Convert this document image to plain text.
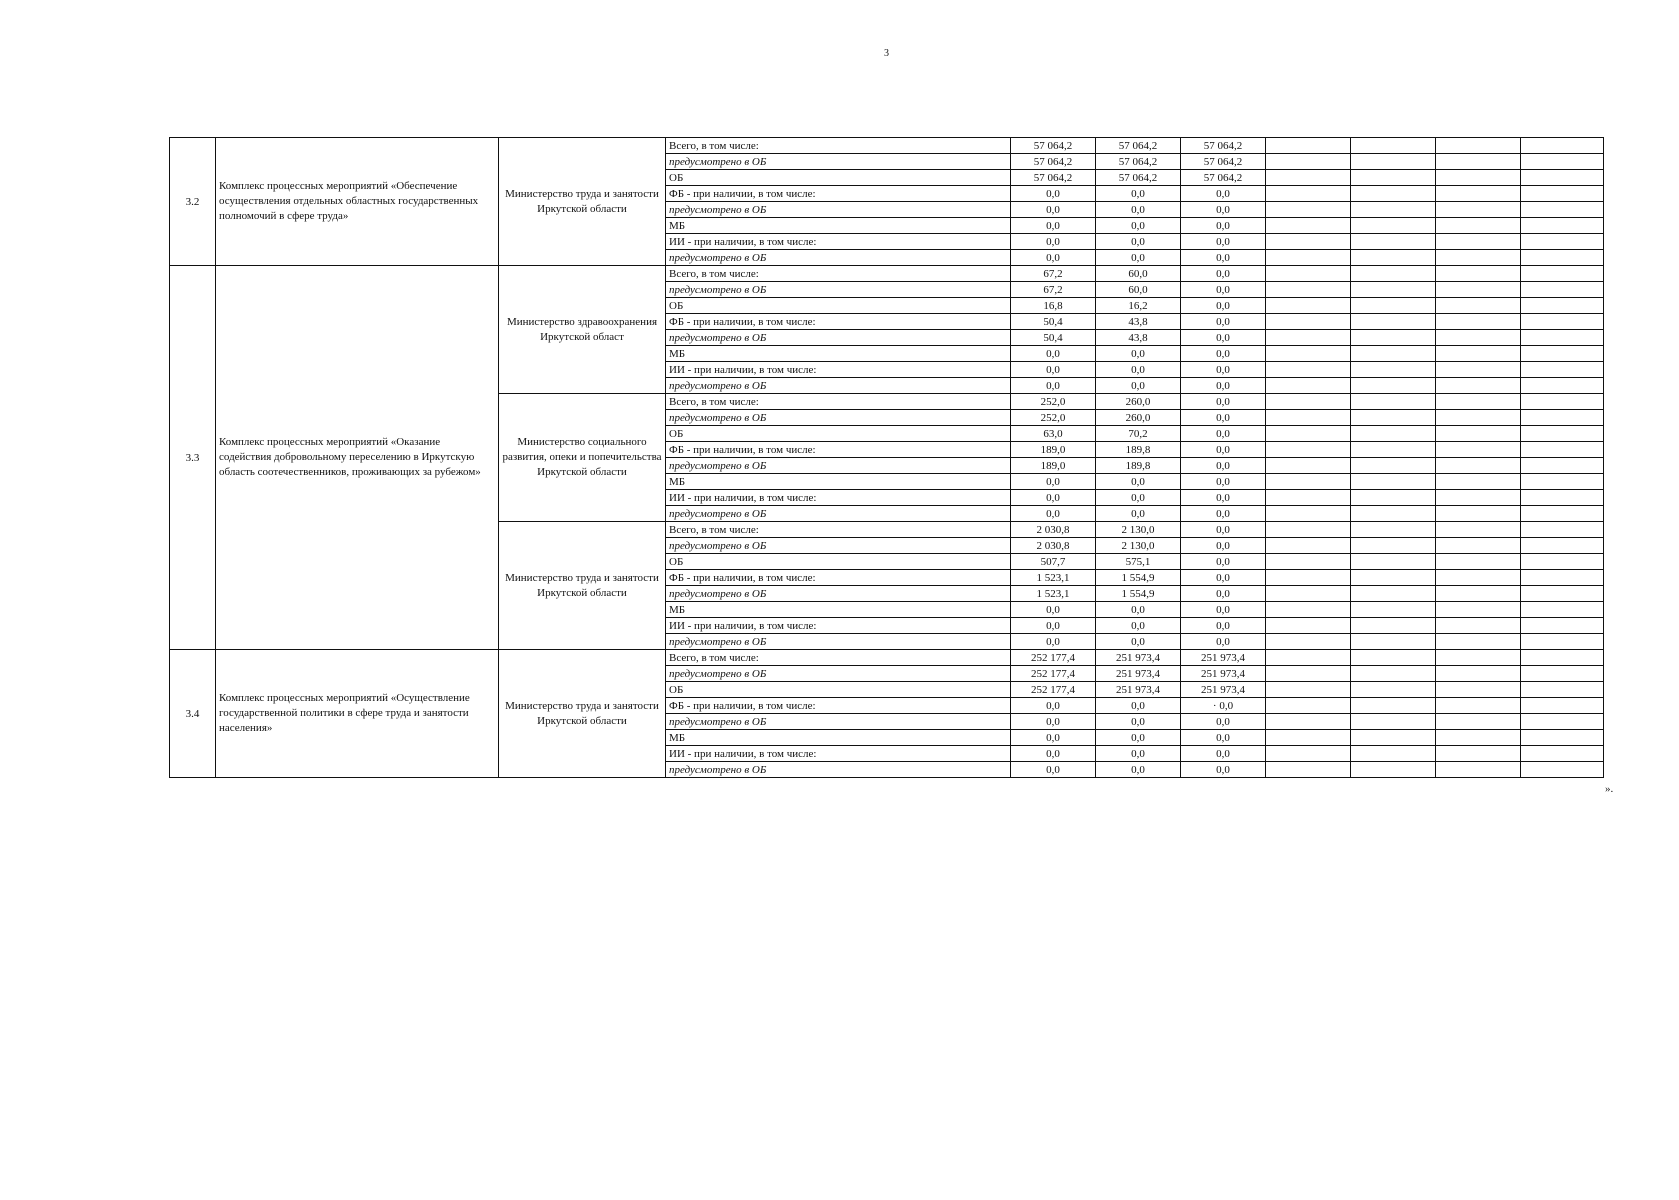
3
3.2	Комплекс процессных мероприятий «Обеспечение осуществления отдельных областных государственных полномочий в сфере труда»	Министерство труда и занятости Иркутской области	Всего, в том числе:	57 064,2	57 064,2	57 064,2				
			предусмотрено в ОБ	57 064,2	57 064,2	57 064,2				
			ОБ	57 064,2	57 064,2	57 064,2				
			ФБ - при наличии, в том числе:	0,0	0,0	0,0				
			предусмотрено в ОБ	0,0	0,0	0,0				
			МБ	0,0	0,0	0,0				
			ИИ - при наличии, в том числе:	0,0	0,0	0,0				
			предусмотрено в ОБ	0,0	0,0	0,0				
3.3	Комплекс процессных мероприятий «Оказание содействия добровольному переселению в Иркутскую область соотечественников, проживающих за рубежом»	Министерство здравоохранения Иркутской област	Всего, в том числе:	67,2	60,0	0,0				
			предусмотрено в ОБ	67,2	60,0	0,0				
			ОБ	16,8	16,2	0,0				
			ФБ - при наличии, в том числе:	50,4	43,8	0,0				
			предусмотрено в ОБ	50,4	43,8	0,0				
			МБ	0,0	0,0	0,0				
			ИИ - при наличии, в том числе:	0,0	0,0	0,0				
			предусмотрено в ОБ	0,0	0,0	0,0				
		Министерство социального развития, опеки и попечительства Иркутской области	Всего, в том числе:	252,0	260,0	0,0				
			предусмотрено в ОБ	252,0	260,0	0,0				
			ОБ	63,0	70,2	0,0				
			ФБ - при наличии, в том числе:	189,0	189,8	0,0				
			предусмотрено в ОБ	189,0	189,8	0,0				
			МБ	0,0	0,0	0,0				
			ИИ - при наличии, в том числе:	0,0	0,0	0,0				
			предусмотрено в ОБ	0,0	0,0	0,0				
		Министерство труда и занятости Иркутской области	Всего, в том числе:	2 030,8	2 130,0	0,0				
			предусмотрено в ОБ	2 030,8	2 130,0	0,0				
			ОБ	507,7	575,1	0,0				
			ФБ - при наличии, в том числе:	1 523,1	1 554,9	0,0				
			предусмотрено в ОБ	1 523,1	1 554,9	0,0				
			МБ	0,0	0,0	0,0				
			ИИ - при наличии, в том числе:	0,0	0,0	0,0				
			предусмотрено в ОБ	0,0	0,0	0,0				
3.4	Комплекс процессных мероприятий «Осуществление государственной политики в сфере труда и занятости населения»	Министерство труда и занятости Иркутской области	Всего, в том числе:	252 177,4	251 973,4	251 973,4				
			предусмотрено в ОБ	252 177,4	251 973,4	251 973,4				
			ОБ	252 177,4	251 973,4	251 973,4				
			ФБ - при наличии, в том числе:	0,0	0,0	· 0,0				
			предусмотрено в ОБ	0,0	0,0	0,0				
			МБ	0,0	0,0	0,0				
			ИИ - при наличии, в том числе:	0,0	0,0	0,0				
			предусмотрено в ОБ	0,0	0,0	0,0				
».
